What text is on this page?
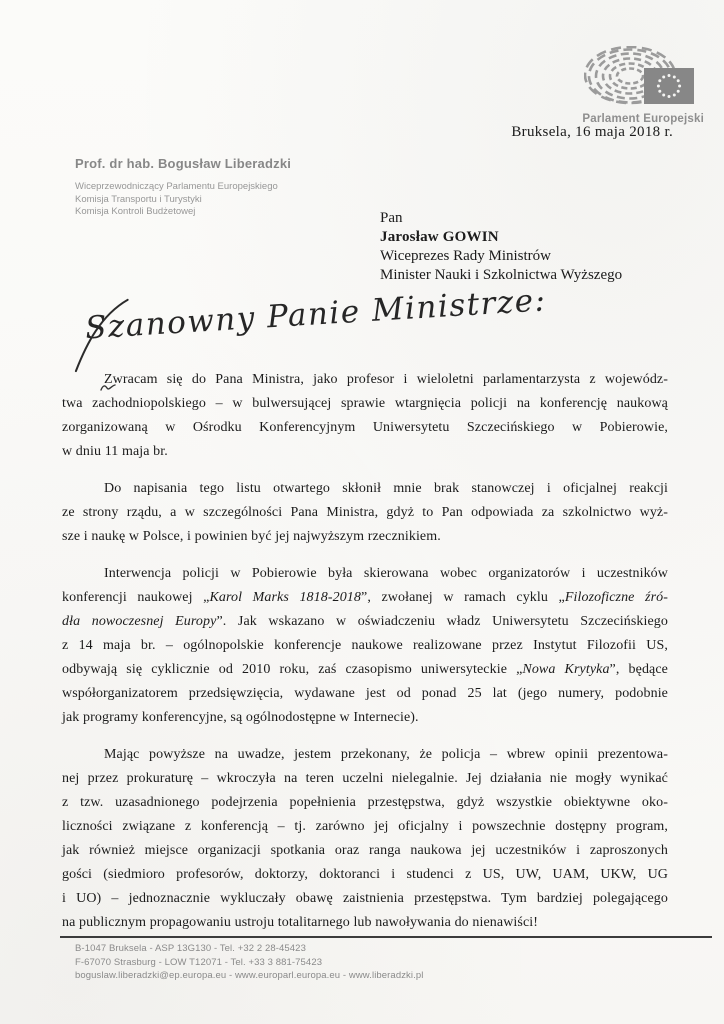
Parlament Europejski
Bruksela, 16 maja 2018 r.
Prof. dr hab. Bogusław Liberadzki
Wiceprzewodniczący Parlamentu Europejskiego
Komisja Transportu i Turystyki
Komisja Kontroli Budżetowej	Pan
Jarosław GOWIN
Wiceprezes Rady Ministrów
Minister Nauki i Szkolnictwa Wyższego
Szanowny Panie Ministrze:
Zwracam się do Pana Ministra, jako profesor i wieloletni parlamentarzysta z wojewódz-
twa zachodniopolskiego – w bulwersującej sprawie wtargnięcia policji na konferencję naukową
zorganizowaną w Ośrodku Konferencyjnym Uniwersytetu Szczecińskiego w Pobierowie,
w dniu 11 maja br.
Do napisania tego listu otwartego skłonił mnie brak stanowczej i oficjalnej reakcji
ze strony rządu, a w szczególności Pana Ministra, gdyż to Pan odpowiada za szkolnictwo wyż-
sze i naukę w Polsce, i powinien być jej najwyższym rzecznikiem.
Interwencja policji w Pobierowie była skierowana wobec organizatorów i uczestników
konferencji naukowej „Karol Marks 1818-2018”, zwołanej w ramach cyklu „Filozoficzne źró-
dła nowoczesnej Europy”. Jak wskazano w oświadczeniu władz Uniwersytetu Szczecińskiego
z 14 maja br. – ogólnopolskie konferencje naukowe realizowane przez Instytut Filozofii US,
odbywają się cyklicznie od 2010 roku, zaś czasopismo uniwersyteckie „Nowa Krytyka”, będące
współorganizatorem przedsięwzięcia, wydawane jest od ponad 25 lat (jego numery, podobnie
jak programy konferencyjne, są ogólnodostępne w Internecie).
Mając powyższe na uwadze, jestem przekonany, że policja – wbrew opinii prezentowa-
nej przez prokuraturę – wkroczyła na teren uczelni nielegalnie. Jej działania nie mogły wynikać
z tzw. uzasadnionego podejrzenia popełnienia przestępstwa, gdyż wszystkie obiektywne oko-
liczności związane z konferencją – tj. zarówno jej oficjalny i powszechnie dostępny program,
jak również miejsce organizacji spotkania oraz ranga naukowa jej uczestników i zaproszonych
gości (siedmioro profesorów, doktorzy, doktoranci i studenci z US, UW, UAM, UKW, UG
i UO) – jednoznacznie wykluczały obawę zaistnienia przestępstwa. Tym bardziej polegającego
na publicznym propagowaniu ustroju totalitarnego lub nawoływania do nienawiści!
B-1047 Bruksela - ASP 13G130 - Tel. +32 2 28-45423
F-67070 Strasburg - LOW T12071 - Tel. +33 3 881-75423
boguslaw.liberadzki@ep.europa.eu - www.europarl.europa.eu - www.liberadzki.pl
